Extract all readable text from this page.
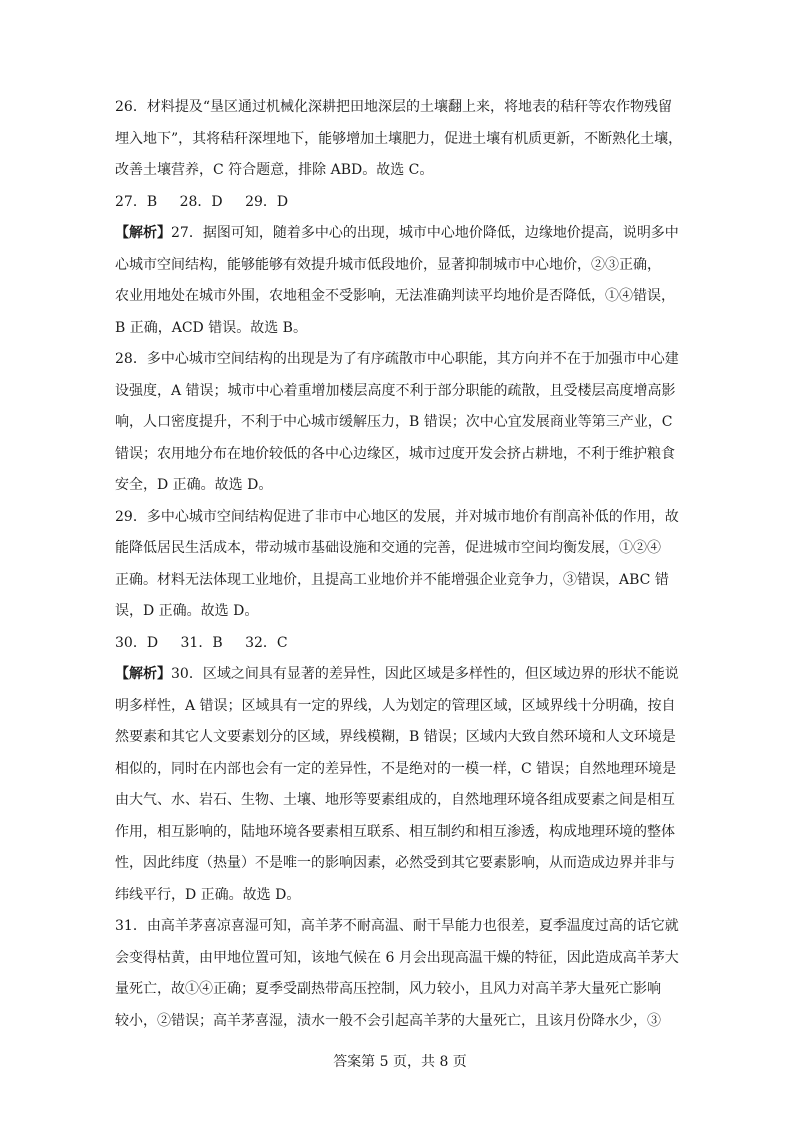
26．材料提及“垦区通过机械化深耕把田地深层的土壤翻上来，将地表的秸秆等农作物残留
埋入地下”，其将秸秆深埋地下，能够增加土壤肥力，促进土壤有机质更新，不断熟化土壤，
改善土壤营养，C 符合题意，排除 ABD。故选 C。
27．B 28．D 29．D
【解析】27．据图可知，随着多中心的出现，城市中心地价降低，边缘地价提高，说明多中
心城市空间结构，能够能够有效提升城市低段地价，显著抑制城市中心地价，②③正确，
农业用地处在城市外围，农地租金不受影响，无法准确判读平均地价是否降低，①④错误，
B 正确，ACD 错误。故选 B。
28．多中心城市空间结构的出现是为了有序疏散市中心职能，其方向并不在于加强市中心建
设强度，A 错误；城市中心着重增加楼层高度不利于部分职能的疏散，且受楼层高度增高影
响，人口密度提升，不利于中心城市缓解压力，B 错误；次中心宜发展商业等第三产业，C
错误；农用地分布在地价较低的各中心边缘区，城市过度开发会挤占耕地，不利于维护粮食
安全，D 正确。故选 D。
29．多中心城市空间结构促进了非市中心地区的发展，并对城市地价有削高补低的作用，故
能降低居民生活成本，带动城市基础设施和交通的完善，促进城市空间均衡发展，①②④
正确。材料无法体现工业地价，且提高工业地价并不能增强企业竞争力，③错误，ABC 错
误，D 正确。故选 D。
30．D 31．B 32．C
【解析】30．区域之间具有显著的差异性，因此区域是多样性的，但区域边界的形状不能说
明多样性，A 错误；区域具有一定的界线，人为划定的管理区域，区域界线十分明确，按自
然要素和其它人文要素划分的区域，界线模糊，B 错误；区域内大致自然环境和人文环境是
相似的，同时在内部也会有一定的差异性，不是绝对的一模一样，C 错误；自然地理环境是
由大气、水、岩石、生物、土壤、地形等要素组成的，自然地理环境各组成要素之间是相互
作用，相互影响的，陆地环境各要素相互联系、相互制约和相互渗透，构成地理环境的整体
性，因此纬度（热量）不是唯一的影响因素，必然受到其它要素影响，从而造成边界并非与
纬线平行，D 正确。故选 D。
31．由高羊茅喜凉喜湿可知，高羊茅不耐高温、耐干旱能力也很差，夏季温度过高的话它就
会变得枯黄，由甲地位置可知，该地气候在 6 月会出现高温干燥的特征，因此造成高羊茅大
量死亡，故①④正确；夏季受副热带高压控制，风力较小，且风力对高羊茅大量死亡影响
较小，②错误；高羊茅喜湿，渍水一般不会引起高羊茅的大量死亡，且该月份降水少，③
答案第 5 页，共 8 页
